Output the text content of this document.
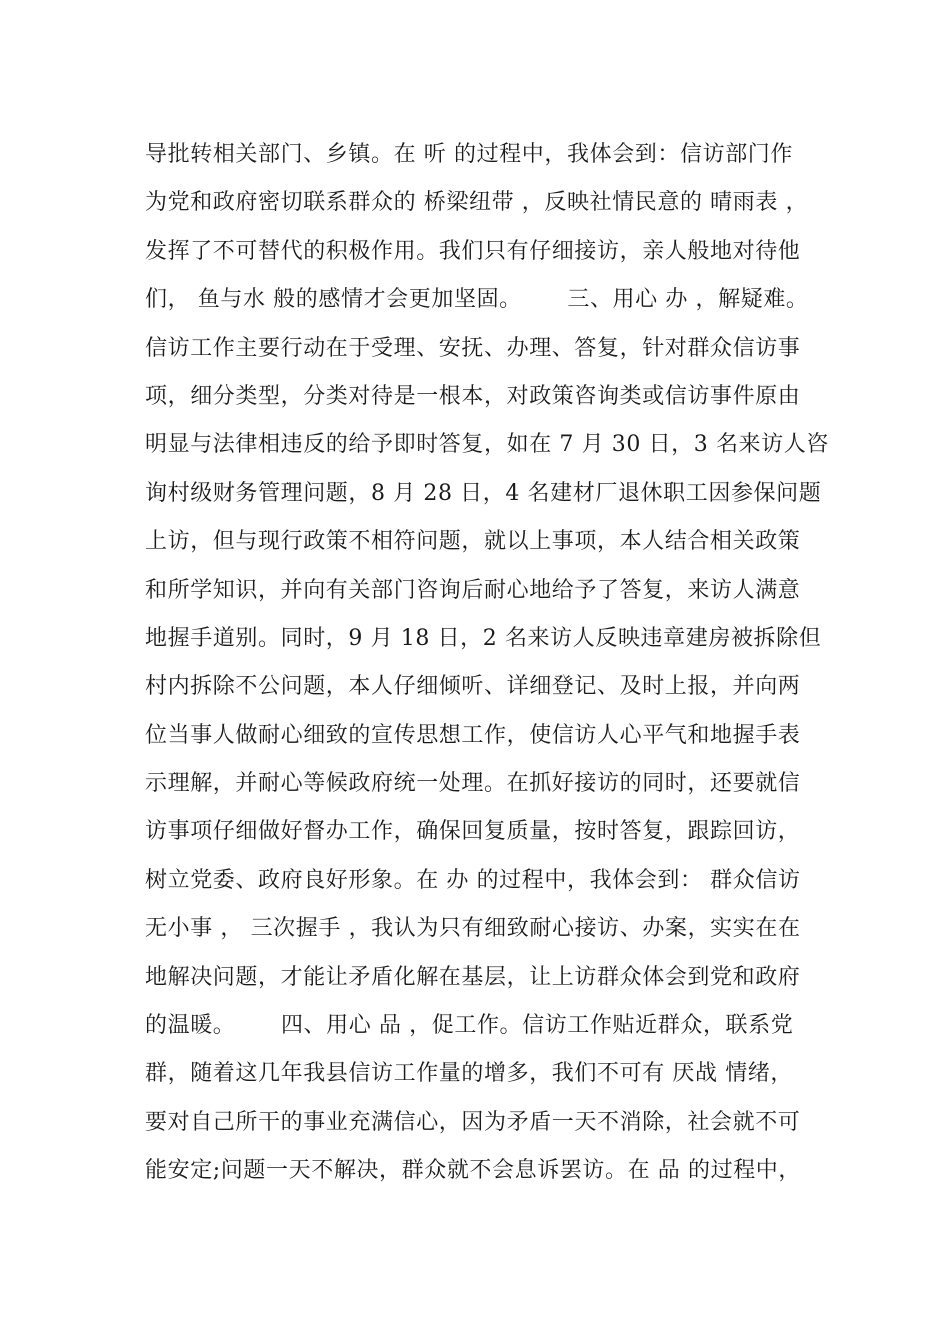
导批转相关部门、乡镇。在 听 的过程中，我体会到：信访部门作
为党和政府密切联系群众的 桥梁纽带 ，反映社情民意的 晴雨表 ，
发挥了不可替代的积极作用。我们只有仔细接访，亲人般地对待他
们， 鱼与水 般的感情才会更加坚固。      三、用心 办 ，解疑难。
信访工作主要行动在于受理、安抚、办理、答复，针对群众信访事
项，细分类型，分类对待是一根本，对政策咨询类或信访事件原由
明显与法律相违反的给予即时答复，如在 7 月 30 日，3 名来访人咨
询村级财务管理问题，8 月 28 日，4 名建材厂退休职工因参保问题
上访，但与现行政策不相符问题，就以上事项，本人结合相关政策
和所学知识，并向有关部门咨询后耐心地给予了答复，来访人满意
地握手道别。同时，9 月 18 日，2 名来访人反映违章建房被拆除但
村内拆除不公问题，本人仔细倾听、详细登记、及时上报，并向两
位当事人做耐心细致的宣传思想工作，使信访人心平气和地握手表
示理解，并耐心等候政府统一处理。在抓好接访的同时，还要就信
访事项仔细做好督办工作，确保回复质量，按时答复，跟踪回访，
树立党委、政府良好形象。在 办 的过程中，我体会到： 群众信访
无小事 ， 三次握手 ，我认为只有细致耐心接访、办案，实实在在
地解决问题，才能让矛盾化解在基层，让上访群众体会到党和政府
的温暖。      四、用心 品 ，促工作。信访工作贴近群众，联系党
群，随着这几年我县信访工作量的增多，我们不可有 厌战 情绪，
要对自己所干的事业充满信心，因为矛盾一天不消除，社会就不可
能安定;问题一天不解决，群众就不会息诉罢访。在 品 的过程中，
